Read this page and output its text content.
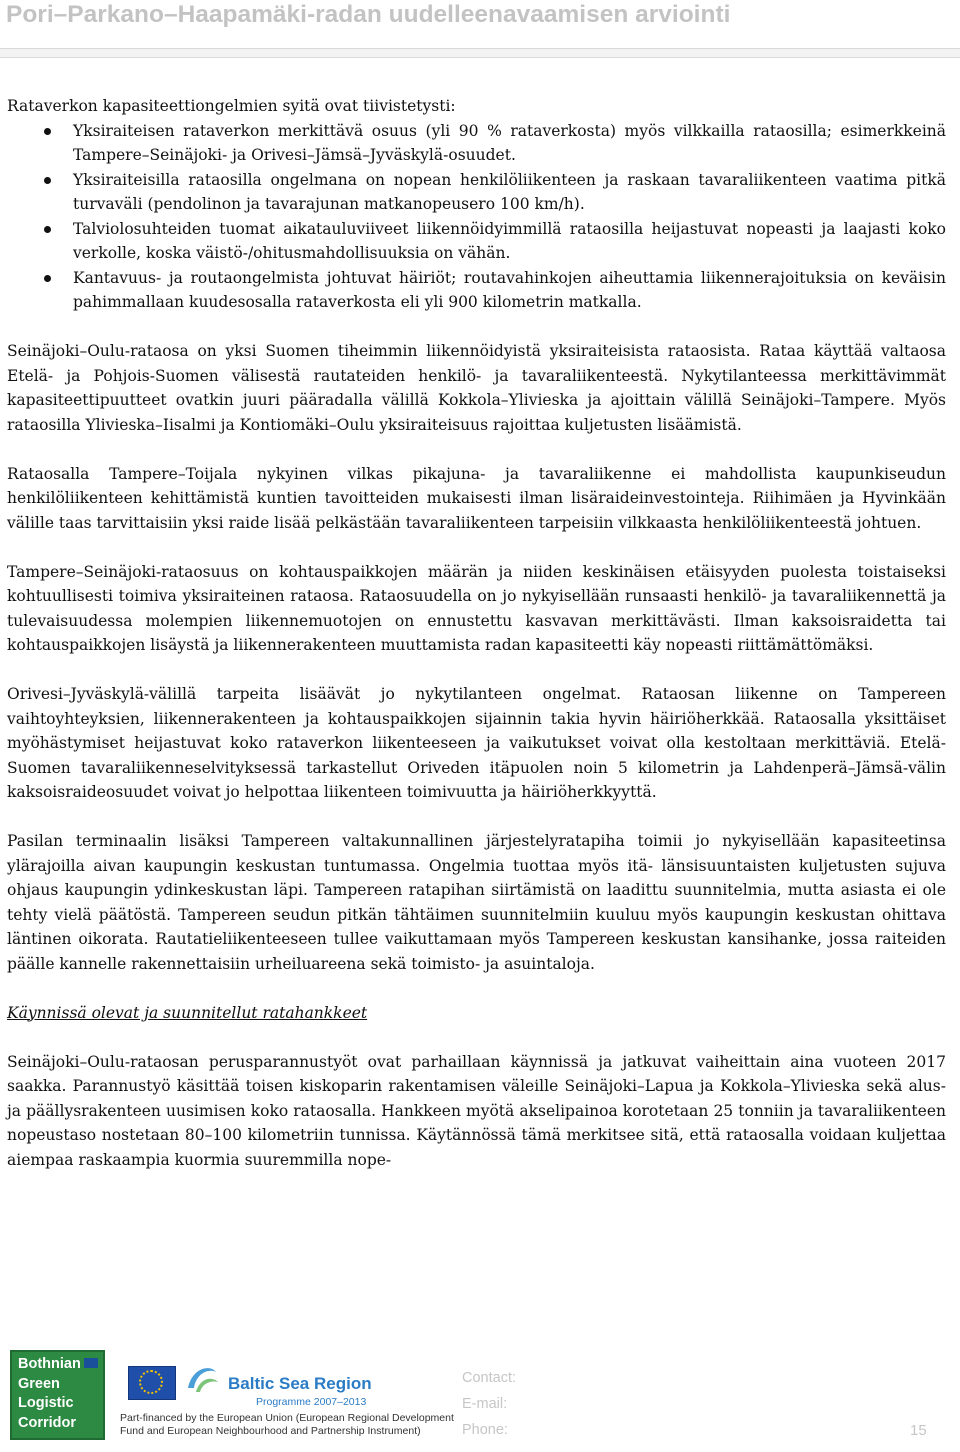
Pori–Parkano–Haapamäki-radan uudelleenavaamisen arviointi

Rataverkon kapasiteettiongelmien syitä ovat tiivistetysti:

Yksiraiteisen rataverkon merkittävä osuus (yli 90 % rataverkosta) myös vilkkailla rataosilla; esimerkkeinä Tampere–Seinäjoki- ja Orivesi–Jämsä–Jyväskylä-osuudet.
Yksiraiteisilla rataosilla ongelmana on nopean henkilöliikenteen ja raskaan tavaraliikenteen vaatima pitkä turvaväli (pendolinon ja tavarajunan matkanopeusero 100 km/h).
Talviolosuhteiden tuomat aikatauluviiveet liikennöidyimmillä rataosilla heijastuvat nopeasti ja laajasti koko verkolle, koska väistö-/ohitusmahdollisuuksia on vähän.
Kantavuus- ja routaongelmista johtuvat häiriöt; routavahinkojen aiheuttamia liikennerajoituksia on keväisin pahimmallaan kuudesosalla rataverkosta eli yli 900 kilometrin matkalla.

Seinäjoki–Oulu-rataosa on yksi Suomen tiheimmin liikennöidyistä yksiraiteisista rataosista. Rataa käyttää valtaosa Etelä- ja Pohjois-Suomen välisestä rautateiden henkilö- ja tavaraliikenteestä. Nykytilanteessa merkittävimmät kapasiteettipuutteet ovatkin juuri pääradalla välillä Kokkola–Ylivieska ja ajoittain välillä Seinäjoki–Tampere. Myös rataosilla Ylivieska–Iisalmi ja Kontiomäki–Oulu yksiraiteisuus rajoittaa kuljetusten lisäämistä.

Rataosalla Tampere–Toijala nykyinen vilkas pikajuna- ja tavaraliikenne ei mahdollista kaupunkiseudun henkilöliikenteen kehittämistä kuntien tavoitteiden mukaisesti ilman lisäraideinvestointeja. Riihimäen ja Hyvinkään välille taas tarvittaisiin yksi raide lisää pelkästään tavaraliikenteen tarpeisiin vilkkaasta henkilöliikenteestä johtuen.

Tampere–Seinäjoki-rataosuus on kohtauspaikkojen määrän ja niiden keskinäisen etäisyyden puolesta toistaiseksi kohtuullisesti toimiva yksiraiteinen rataosa. Rataosuudella on jo nykyisellään runsaasti henkilö- ja tavaraliikennettä ja tulevaisuudessa molempien liikennemuotojen on ennustettu kasvavan merkittävästi. Ilman kaksoisraidetta tai kohtauspaikkojen lisäystä ja liikennerakenteen muuttamista radan kapasiteetti käy nopeasti riittämättömäksi.

Orivesi–Jyväskylä-välillä tarpeita lisäävät jo nykytilanteen ongelmat. Rataosan liikenne on Tampereen vaihtoyhteyksien, liikennerakenteen ja kohtauspaikkojen sijainnin takia hyvin häiriöherkkää. Rataosalla yksittäiset myöhästymiset heijastuvat koko rataverkon liikenteeseen ja vaikutukset voivat olla kestoltaan merkittäviä. Etelä-Suomen tavaraliikenneselvityksessä tarkastellut Oriveden itäpuolen noin 5 kilometrin ja Lahdenperä–Jämsä-välin kaksoisraideosuudet voivat jo helpottaa liikenteen toimivuutta ja häiriöherkkyyttä.

Pasilan terminaalin lisäksi Tampereen valtakunnallinen järjestelyratapiha toimii jo nykyisellään kapasiteetinsa ylärajoilla aivan kaupungin keskustan tuntumassa. Ongelmia tuottaa myös itä- länsisuuntaisten kuljetusten sujuva ohjaus kaupungin ydinkeskustan läpi. Tampereen ratapihan siirtämistä on laadittu suunnitelmia, mutta asiasta ei ole tehty vielä päätöstä. Tampereen seudun pitkän tähtäimen suunnitelmiin kuuluu myös kaupungin keskustan ohittava läntinen oikorata. Rautatieliikenteeseen tullee vaikuttamaan myös Tampereen keskustan kansihanke, jossa raiteiden päälle kannelle rakennettaisiin urheiluareena sekä toimisto- ja asuintaloja.

Käynnissä olevat ja suunnitellut ratahankkeet

Seinäjoki–Oulu-rataosan perusparannustyöt ovat parhaillaan käynnissä ja jatkuvat vaiheittain aina vuoteen 2017 saakka. Parannustyö käsittää toisen kiskoparin rakentamisen väleille Seinäjoki–Lapua ja Kokkola–Ylivieska sekä alus- ja päällysrakenteen uusimisen koko rataosalla. Hankkeen myötä akselipainoa korotetaan 25 tonniin ja tavaraliikenteen nopeustaso nostetaan 80–100 kilometriin tunnissa. Käytännössä tämä merkitsee sitä, että rataosalla voidaan kuljettaa aiempaa raskaampia kuormia suuremmilla nope-

Bothnian
Green
Logistic
Corridor
Baltic Sea Region
Programme 2007–2013
Part-financed by the European Union (European Regional Development
Fund and European Neighbourhood and Partnership Instrument)
Contact:
E-mail:
Phone:	15
